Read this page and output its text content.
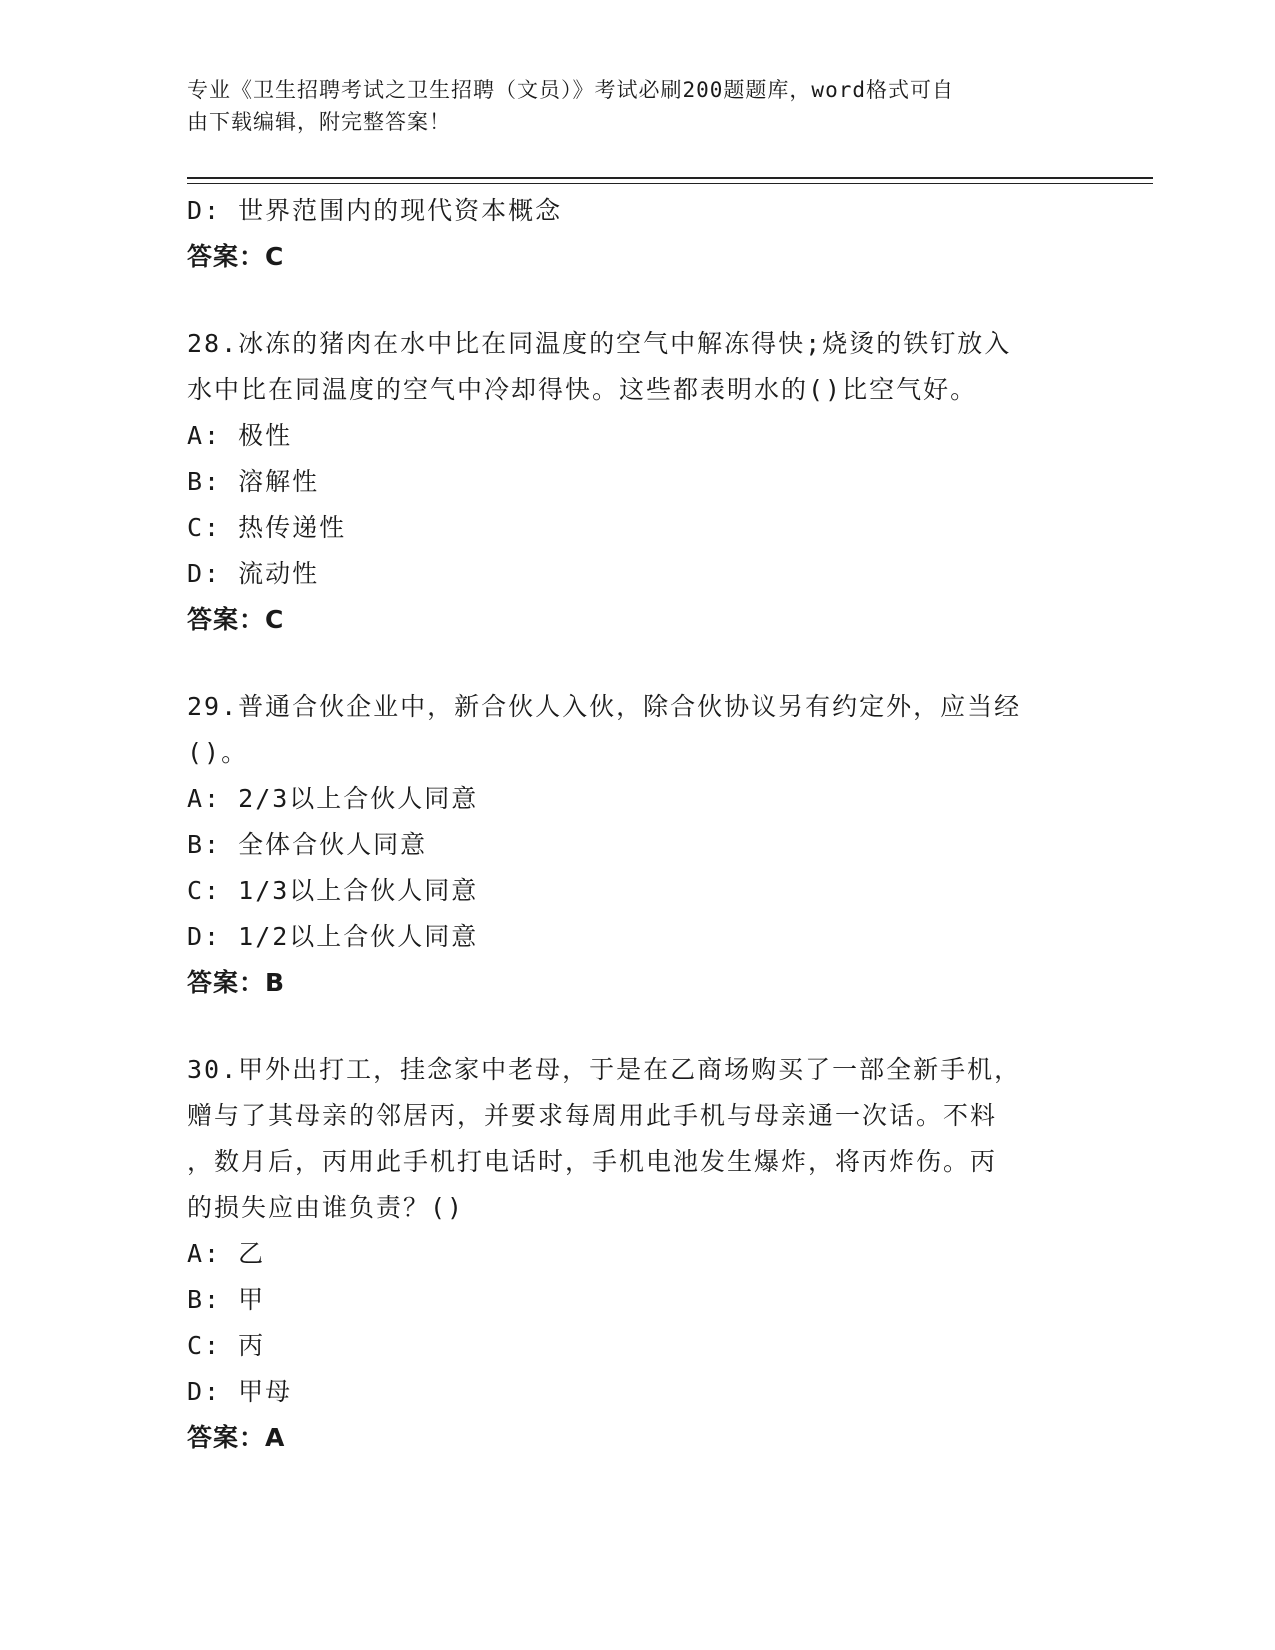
专业《卫生招聘考试之卫生招聘（文员）》考试必刷200题题库，word格式可自
由下载编辑，附完整答案！
D: 世界范围内的现代资本概念
答案：C
28.冰冻的猪肉在水中比在同温度的空气中解冻得快;烧烫的铁钉放入
水中比在同温度的空气中冷却得快。这些都表明水的()比空气好。
A: 极性
B: 溶解性
C: 热传递性
D: 流动性
答案：C
29.普通合伙企业中，新合伙人入伙，除合伙协议另有约定外，应当经
()。
A: 2/3以上合伙人同意
B: 全体合伙人同意
C: 1/3以上合伙人同意
D: 1/2以上合伙人同意
答案：B
30.甲外出打工，挂念家中老母，于是在乙商场购买了一部全新手机，
赠与了其母亲的邻居丙，并要求每周用此手机与母亲通一次话。不料
，数月后，丙用此手机打电话时，手机电池发生爆炸，将丙炸伤。丙
的损失应由谁负责？()
A: 乙
B: 甲
C: 丙
D: 甲母
答案：A
